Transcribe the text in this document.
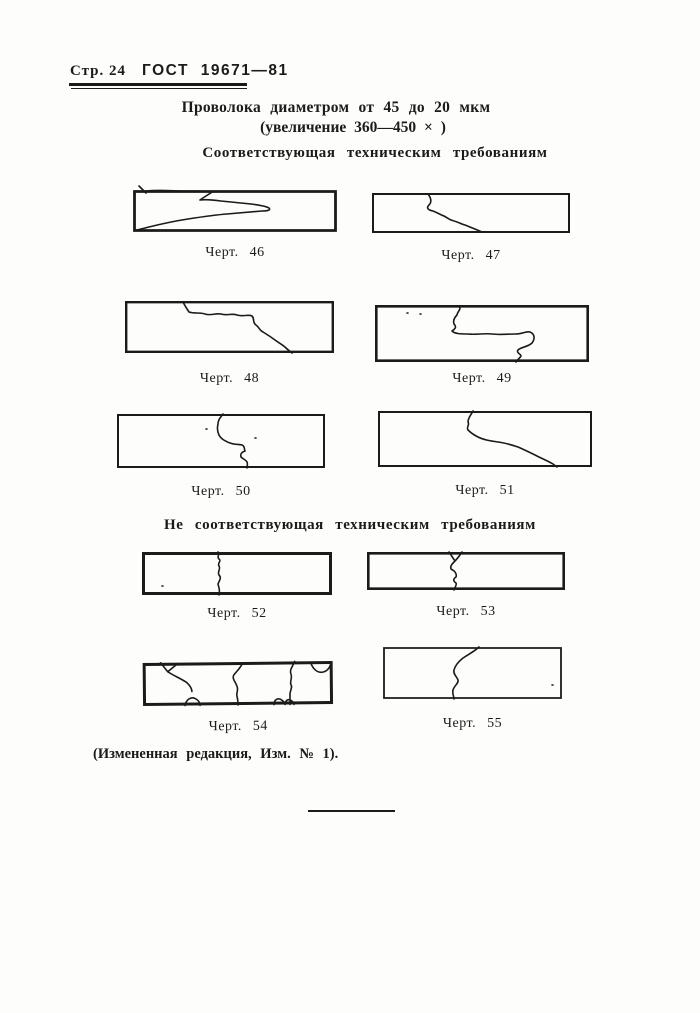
Стр. 24 ГОСТ 19671—81

Проволока диаметром от 45 до 20 мкм

(увеличение 360—450 × )

Соответствующая техническим требованиям

Черт. 46	Черт. 47
Черт. 48	Черт. 49
Черт. 50	Черт. 51

Не соответствующая техническим требованиям

Черт. 52	Черт. 53
Черт. 54	Черт. 55

(Измененная редакция, Изм. № 1).
